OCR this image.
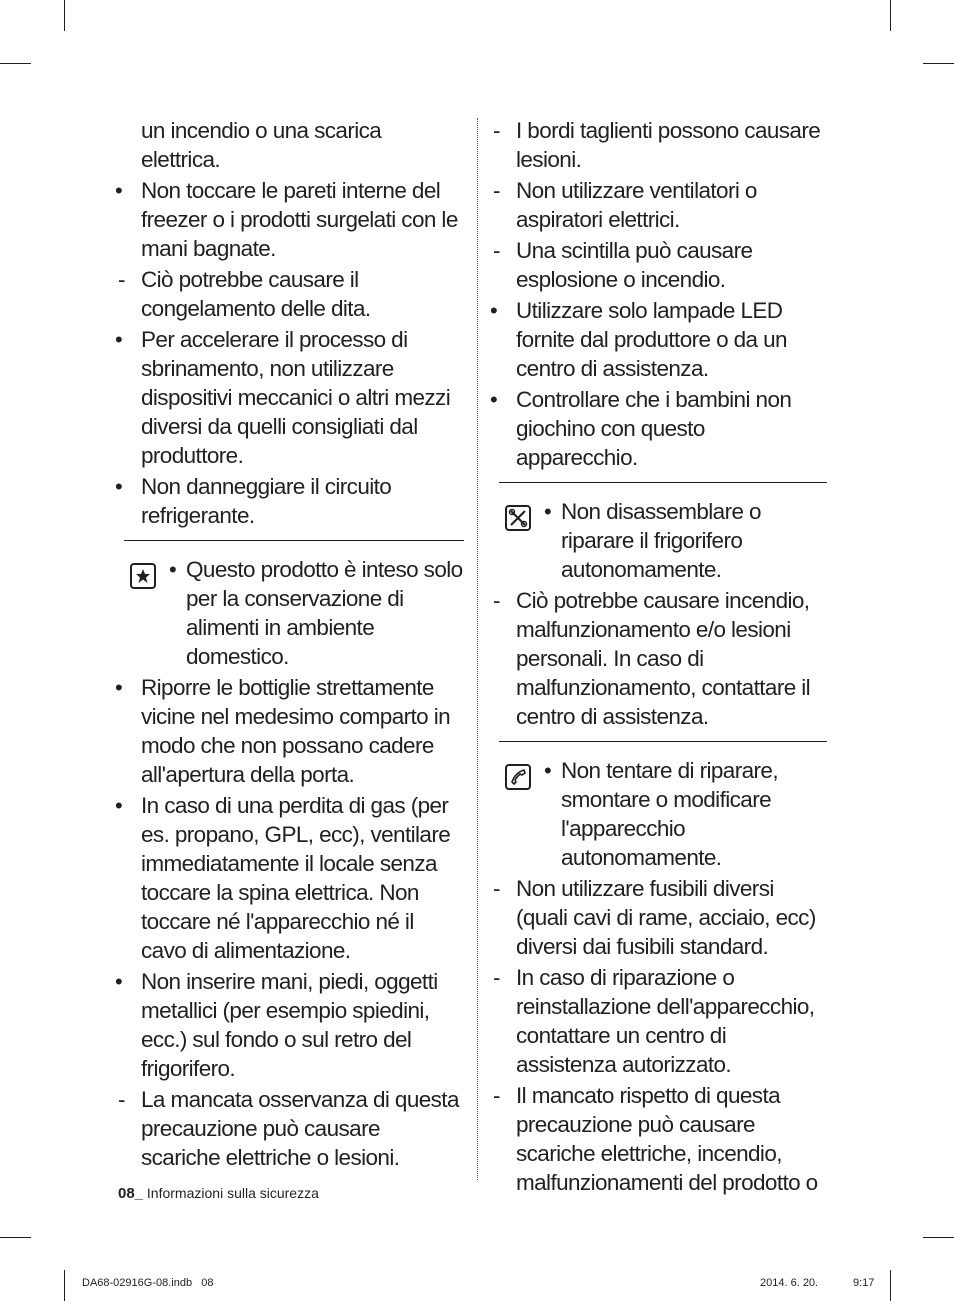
un incendio o una scarica elettrica.
• Non toccare le pareti interne del freezer o i prodotti surgelati con le mani bagnate.
- Ciò potrebbe causare il congelamento delle dita.
• Per accelerare il processo di sbrinamento, non utilizzare dispositivi meccanici o altri mezzi diversi da quelli consigliati dal produttore.
• Non danneggiare il circuito refrigerante.
• Questo prodotto è inteso solo per la conservazione di alimenti in ambiente domestico.
• Riporre le bottiglie strettamente vicine nel medesimo comparto in modo che non possano cadere all'apertura della porta.
• In caso di una perdita di gas (per es. propano, GPL, ecc), ventilare immediatamente il locale senza toccare la spina elettrica. Non toccare né l'apparecchio né il cavo di alimentazione.
• Non inserire mani, piedi, oggetti metallici (per esempio spiedini, ecc.) sul fondo o sul retro del frigorifero.
- La mancata osservanza di questa precauzione può causare scariche elettriche o lesioni.
- I bordi taglienti possono causare lesioni.
- Non utilizzare ventilatori o aspiratori elettrici.
- Una scintilla può causare esplosione o incendio.
• Utilizzare solo lampade LED fornite dal produttore o da un centro di assistenza.
• Controllare che i bambini non giochino con questo apparecchio.
• Non disassemblare o riparare il frigorifero autonomamente.
- Ciò potrebbe causare incendio, malfunzionamento e/o lesioni personali. In caso di malfunzionamento, contattare il centro di assistenza.
• Non tentare di riparare, smontare o modificare l'apparecchio autonomamente.
- Non utilizzare fusibili diversi (quali cavi di rame, acciaio, ecc) diversi dai fusibili standard.
- In caso di riparazione o reinstallazione dell'apparecchio, contattare un centro di assistenza autorizzato.
- Il mancato rispetto di questa precauzione può causare scariche elettriche, incendio, malfunzionamenti del prodotto o
08_ Informazioni sulla sicurezza
DA68-02916G-08.indb   08	2014. 6. 20.	9:17
